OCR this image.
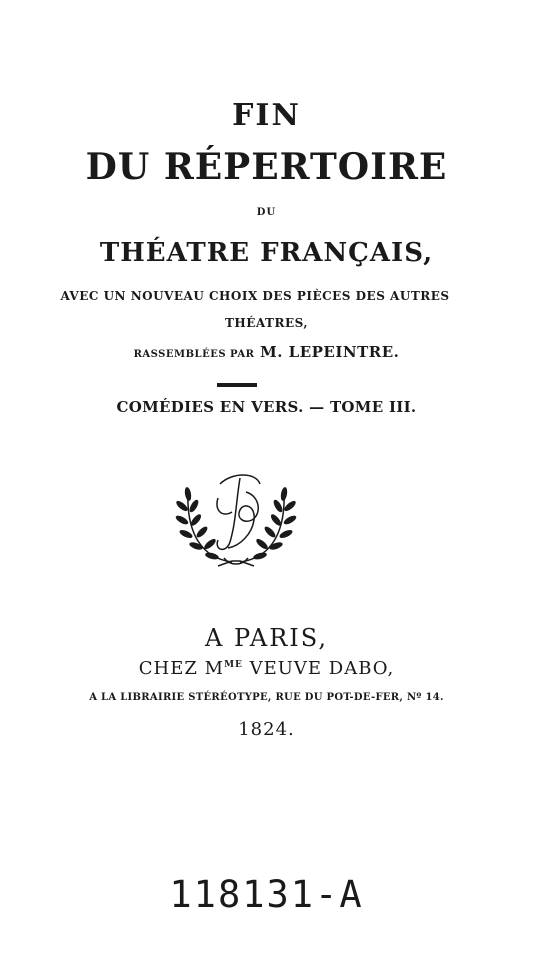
FIN
DU RÉPERTOIRE
DU
THÉATRE FRANÇAIS,
AVEC UN NOUVEAU CHOIX DES PIÈCES DES AUTRES
THÉATRES,
RASSEMBLÉES PAR M. LEPEINTRE.
COMÉDIES EN VERS. — TOME III.
A PARIS,
CHEZ $M^{ME}$ VEUVE DABO,
A LA LIBRAIRIE STÉRÉOTYPE, RUE DU POT-DE-FER, Nº 14.
1824.
118131-A
